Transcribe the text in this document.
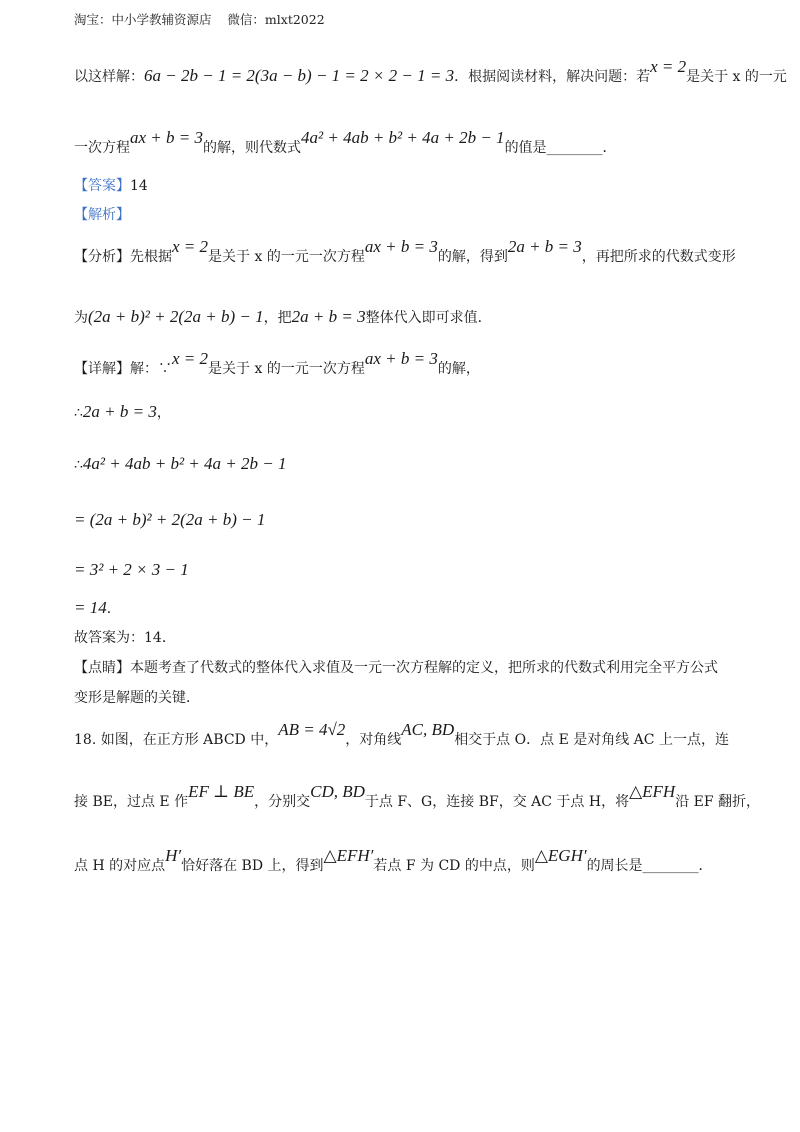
淘宝：中小学教辅资源店 微信：mlxt2022
以这样解：6a − 2b − 1 = 2(3a − b) − 1 = 2 × 2 − 1 = 3．根据阅读材料，解决问题：若x = 2是关于 x 的一元
一次方程ax + b = 3的解，则代数式4a² + 4ab + b² + 4a + 2b − 1的值是________．
【答案】14
【解析】
【分析】先根据x = 2是关于 x 的一元一次方程ax + b = 3的解，得到2a + b = 3，再把所求的代数式变形
为(2a + b)² + 2(2a + b) − 1，把2a + b = 3整体代入即可求值．
【详解】解：∵x = 2是关于 x 的一元一次方程ax + b = 3的解，
∴2a + b = 3，
∴4a² + 4ab + b² + 4a + 2b − 1
= (2a + b)² + 2(2a + b) − 1
= 3² + 2 × 3 − 1
= 14．
故答案为：14．
【点睛】本题考查了代数式的整体代入求值及一元一次方程解的定义，把所求的代数式利用完全平方公式
变形是解题的关键．
18. 如图，在正方形 ABCD 中，AB = 4√2，对角线AC, BD相交于点 O．点 E 是对角线 AC 上一点，连
接 BE，过点 E 作EF ⊥ BE，分别交CD, BD于点 F、G，连接 BF，交 AC 于点 H，将△EFH沿 EF 翻折，
点 H 的对应点H′恰好落在 BD 上，得到△EFH′若点 F 为 CD 的中点，则△EGH′的周长是________．
